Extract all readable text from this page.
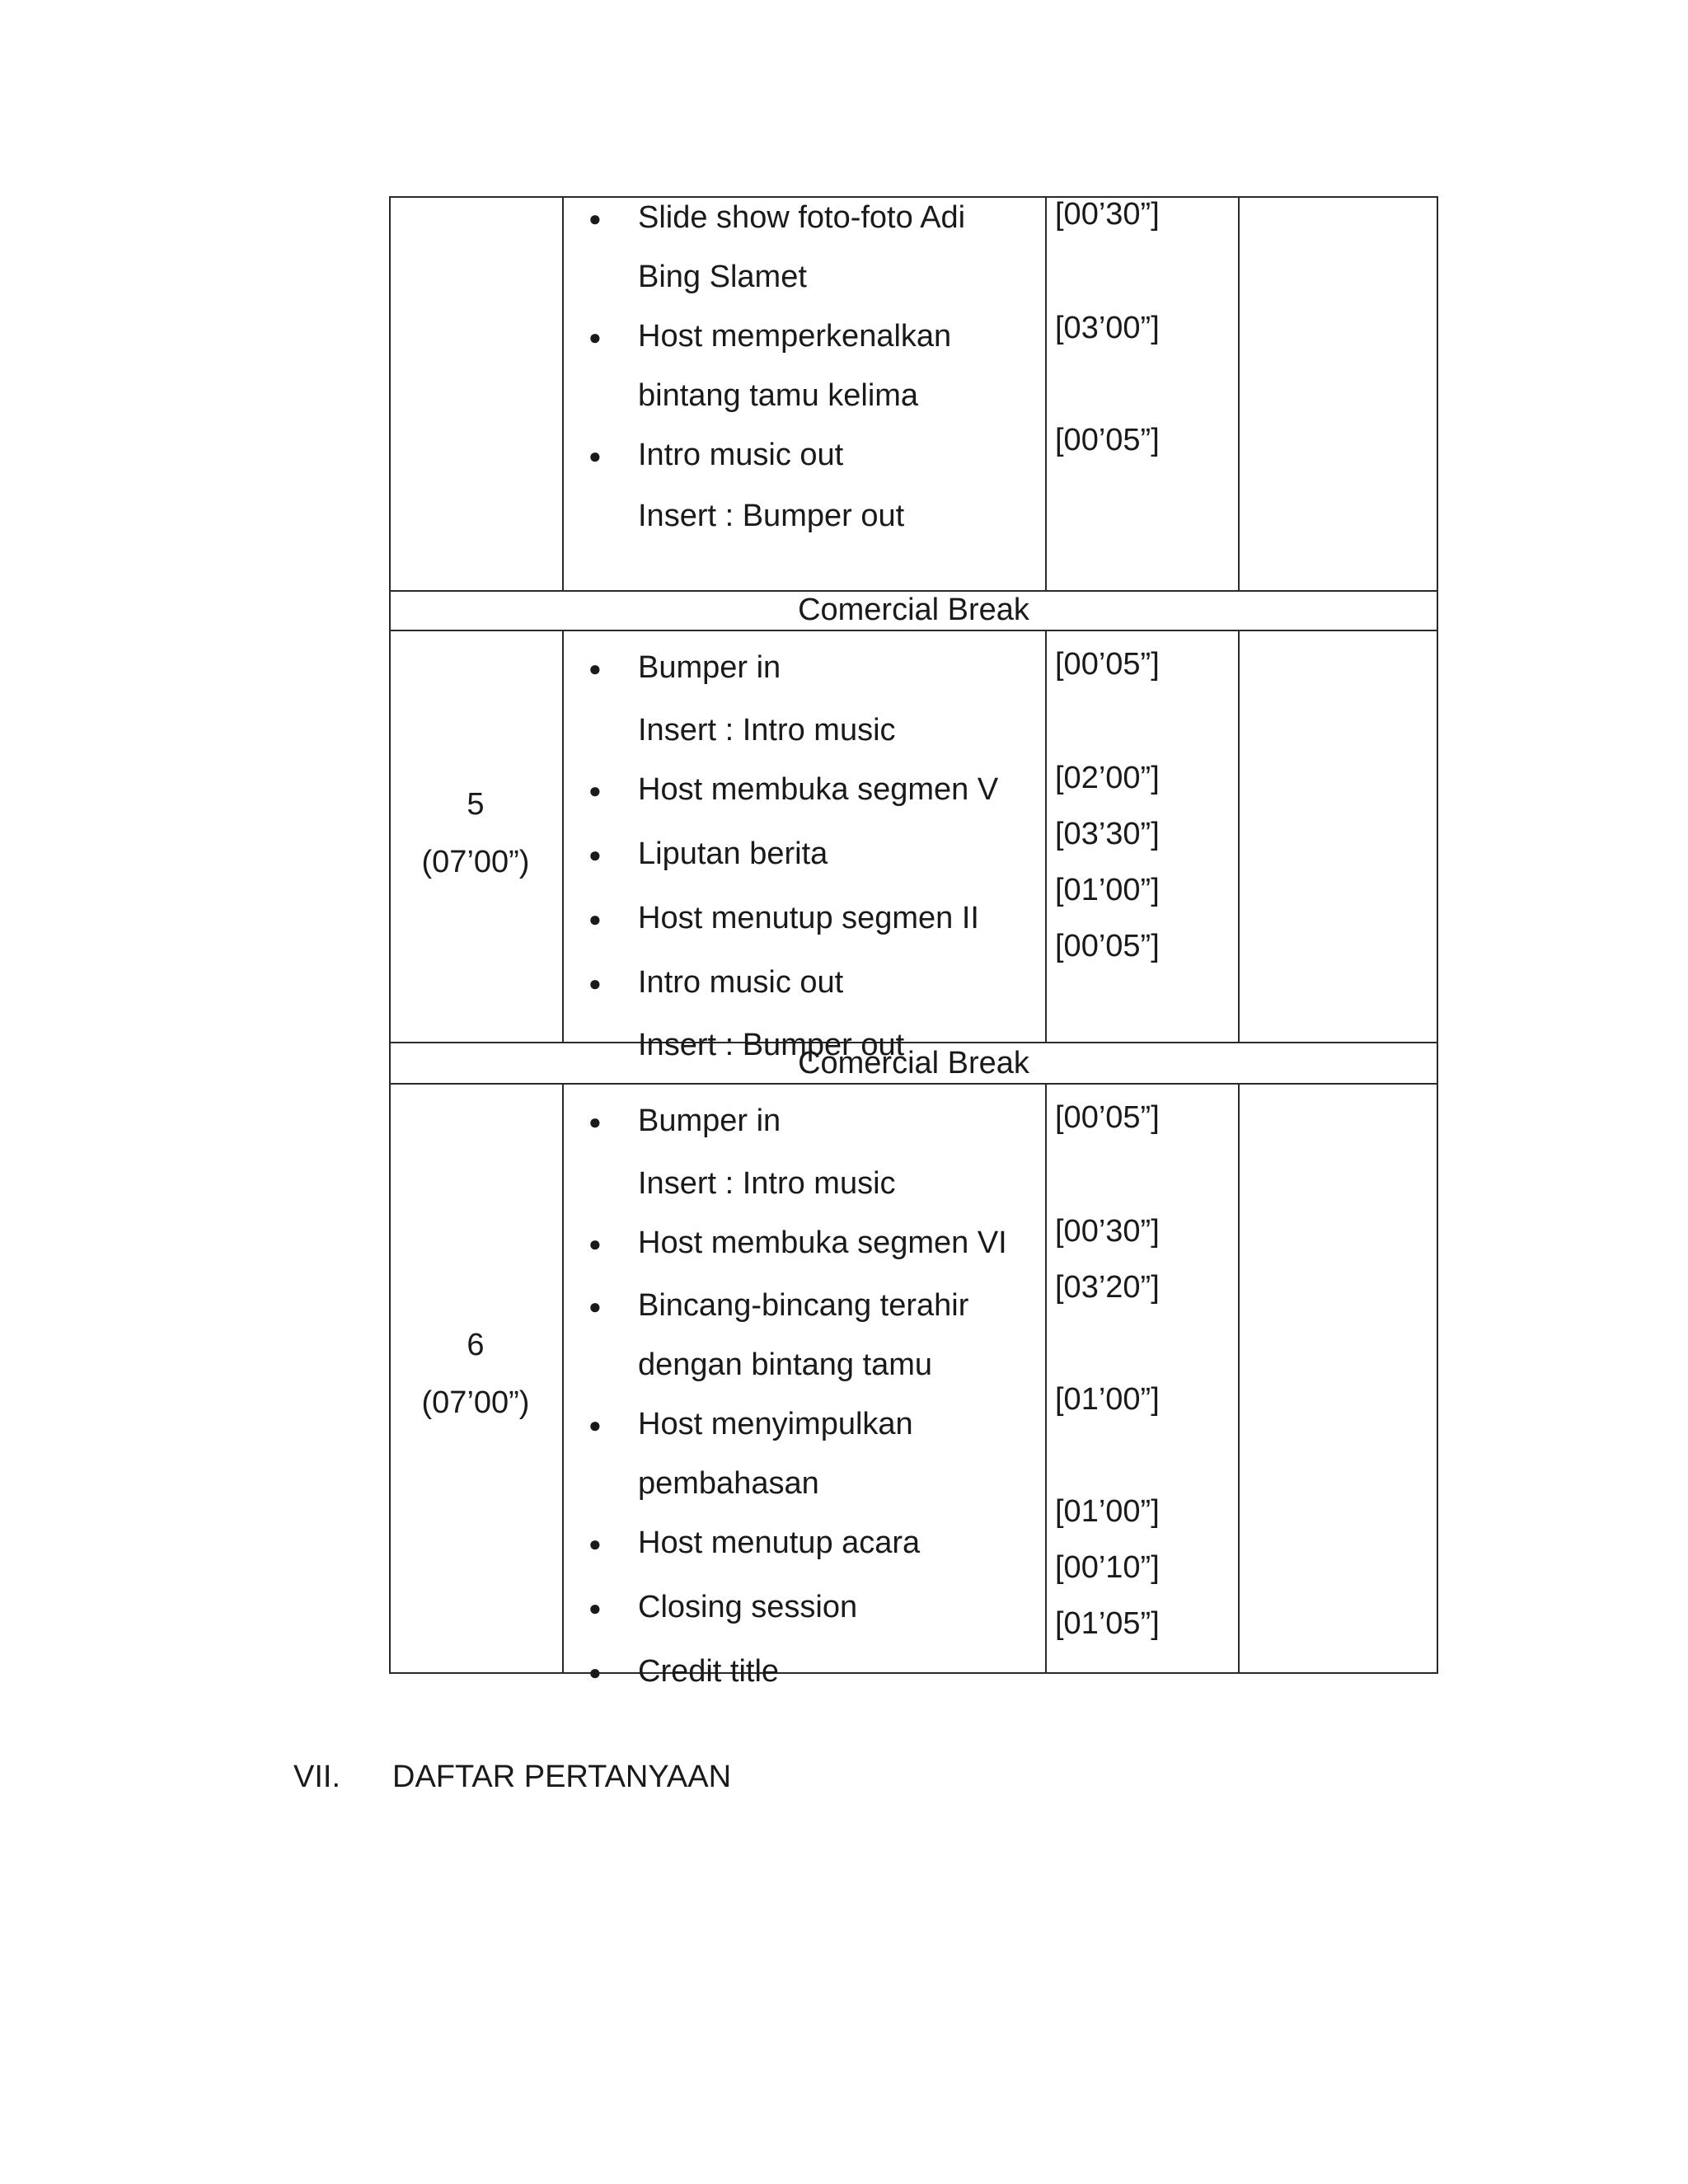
● Slide show foto-foto Adi
Bing Slamet
● Host memperkenalkan
bintang tamu kelima
● Intro music out
Insert : Bumper out
[00’30”]
[03’00”]
[00’05”]
Comercial Break
5
(07’00”)
● Bumper in
Insert : Intro music
● Host membuka segmen V
● Liputan berita
● Host menutup segmen II
● Intro music out
Insert : Bumper out
[00’05”]
[02’00”]
[03’30”]
[01’00”]
[00’05”]
Comercial Break
6
(07’00”)
● Bumper in
Insert : Intro music
● Host membuka segmen VI
● Bincang-bincang terahir
dengan bintang tamu
● Host menyimpulkan
pembahasan
● Host menutup acara
● Closing session
● Credit title
[00’05”]
[00’30”]
[03’20”]
[01’00”]
[01’00”]
[00’10”]
[01’05”]
VII. DAFTAR PERTANYAAN
